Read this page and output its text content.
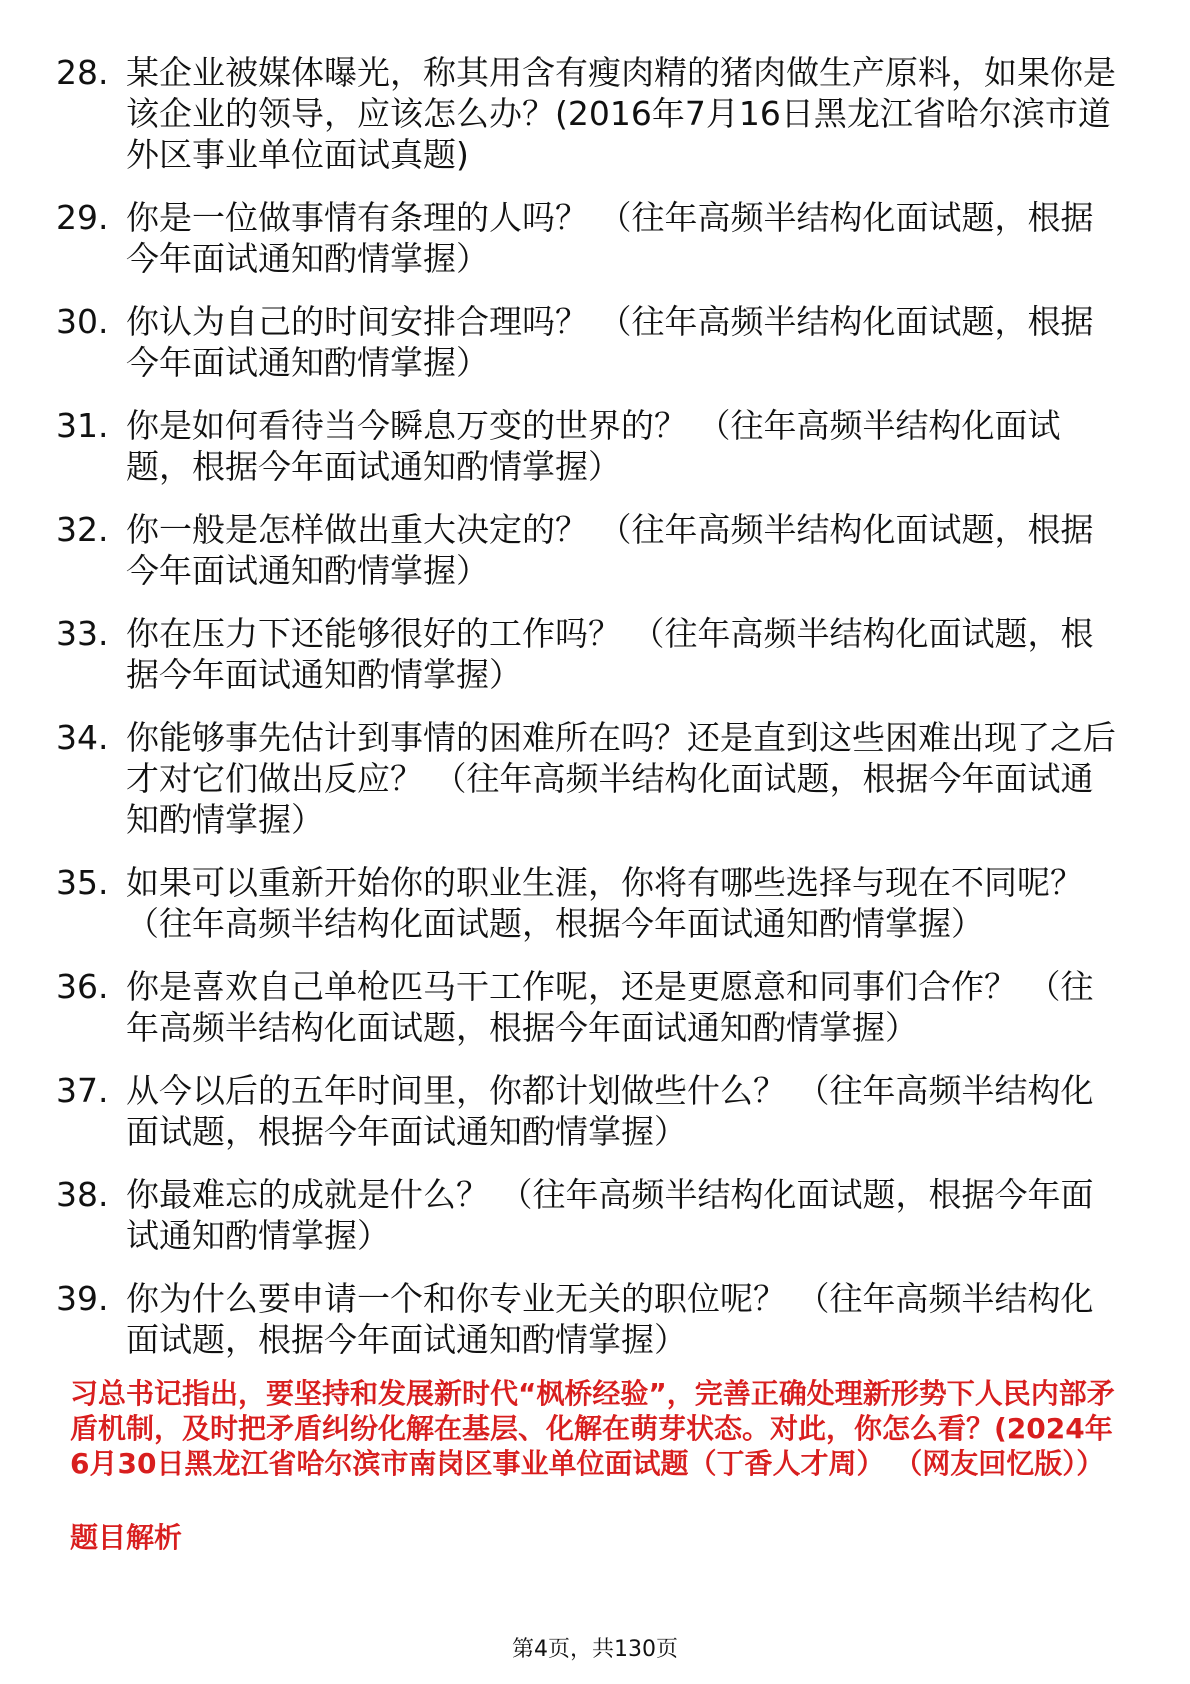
28. 某企业被媒体曝光，称其用含有瘦肉精的猪肉做生产原料，如果你是该企业的领导，应该怎么办？(2016年7月16日黑龙江省哈尔滨市道外区事业单位面试真题)
29. 你是一位做事情有条理的人吗？ （往年高频半结构化面试题，根据今年面试通知酌情掌握）
30. 你认为自己的时间安排合理吗？ （往年高频半结构化面试题，根据今年面试通知酌情掌握）
31. 你是如何看待当今瞬息万变的世界的？ （往年高频半结构化面试题，根据今年面试通知酌情掌握）
32. 你一般是怎样做出重大决定的？ （往年高频半结构化面试题，根据今年面试通知酌情掌握）
33. 你在压力下还能够很好的工作吗？ （往年高频半结构化面试题，根据今年面试通知酌情掌握）
34. 你能够事先估计到事情的困难所在吗？还是直到这些困难出现了之后才对它们做出反应？ （往年高频半结构化面试题，根据今年面试通知酌情掌握）
35. 如果可以重新开始你的职业生涯，你将有哪些选择与现在不同呢？ （往年高频半结构化面试题，根据今年面试通知酌情掌握）
36. 你是喜欢自己单枪匹马干工作呢，还是更愿意和同事们合作？ （往年高频半结构化面试题，根据今年面试通知酌情掌握）
37. 从今以后的五年时间里，你都计划做些什么？ （往年高频半结构化面试题，根据今年面试通知酌情掌握）
38. 你最难忘的成就是什么？ （往年高频半结构化面试题，根据今年面试通知酌情掌握）
39. 你为什么要申请一个和你专业无关的职位呢？ （往年高频半结构化面试题，根据今年面试通知酌情掌握）
习总书记指出，要坚持和发展新时代“枫桥经验”，完善正确处理新形势下人民内部矛盾机制，及时把矛盾纠纷化解在基层、化解在萌芽状态。对此，你怎么看？(2024年6月30日黑龙江省哈尔滨市南岗区事业单位面试题（丁香人才周） （网友回忆版））
题目解析
第4页，共130页
